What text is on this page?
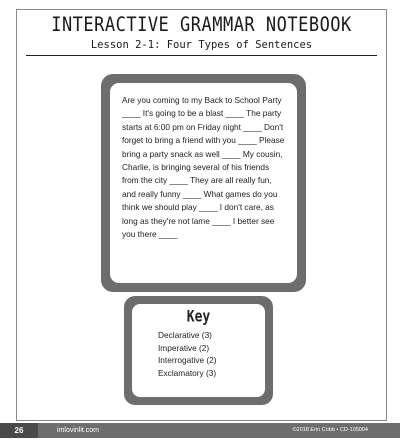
INTERACTIVE GRAMMAR NOTEBOOK
Lesson 2-1: Four Types of Sentences
Are you coming to my Back to School Party ____ It's going to be a blast ____ The party starts at 6:00 pm on Friday night ____ Don't forget to bring a friend with you ____ Please bring a party snack as well ____ My cousin, Charlie, is bringing several of his friends from the city ____ They are all really fun, and really funny ____ What games do you think we should play ____ I don't care, as long as they're not lame ____ I better see you there ____
Key
Declarative (3)
Imperative (2)
Interrogative (2)
Exclamatory (3)
26	imlovinlit.com	©2018 Erin Cobb • CD-105004
